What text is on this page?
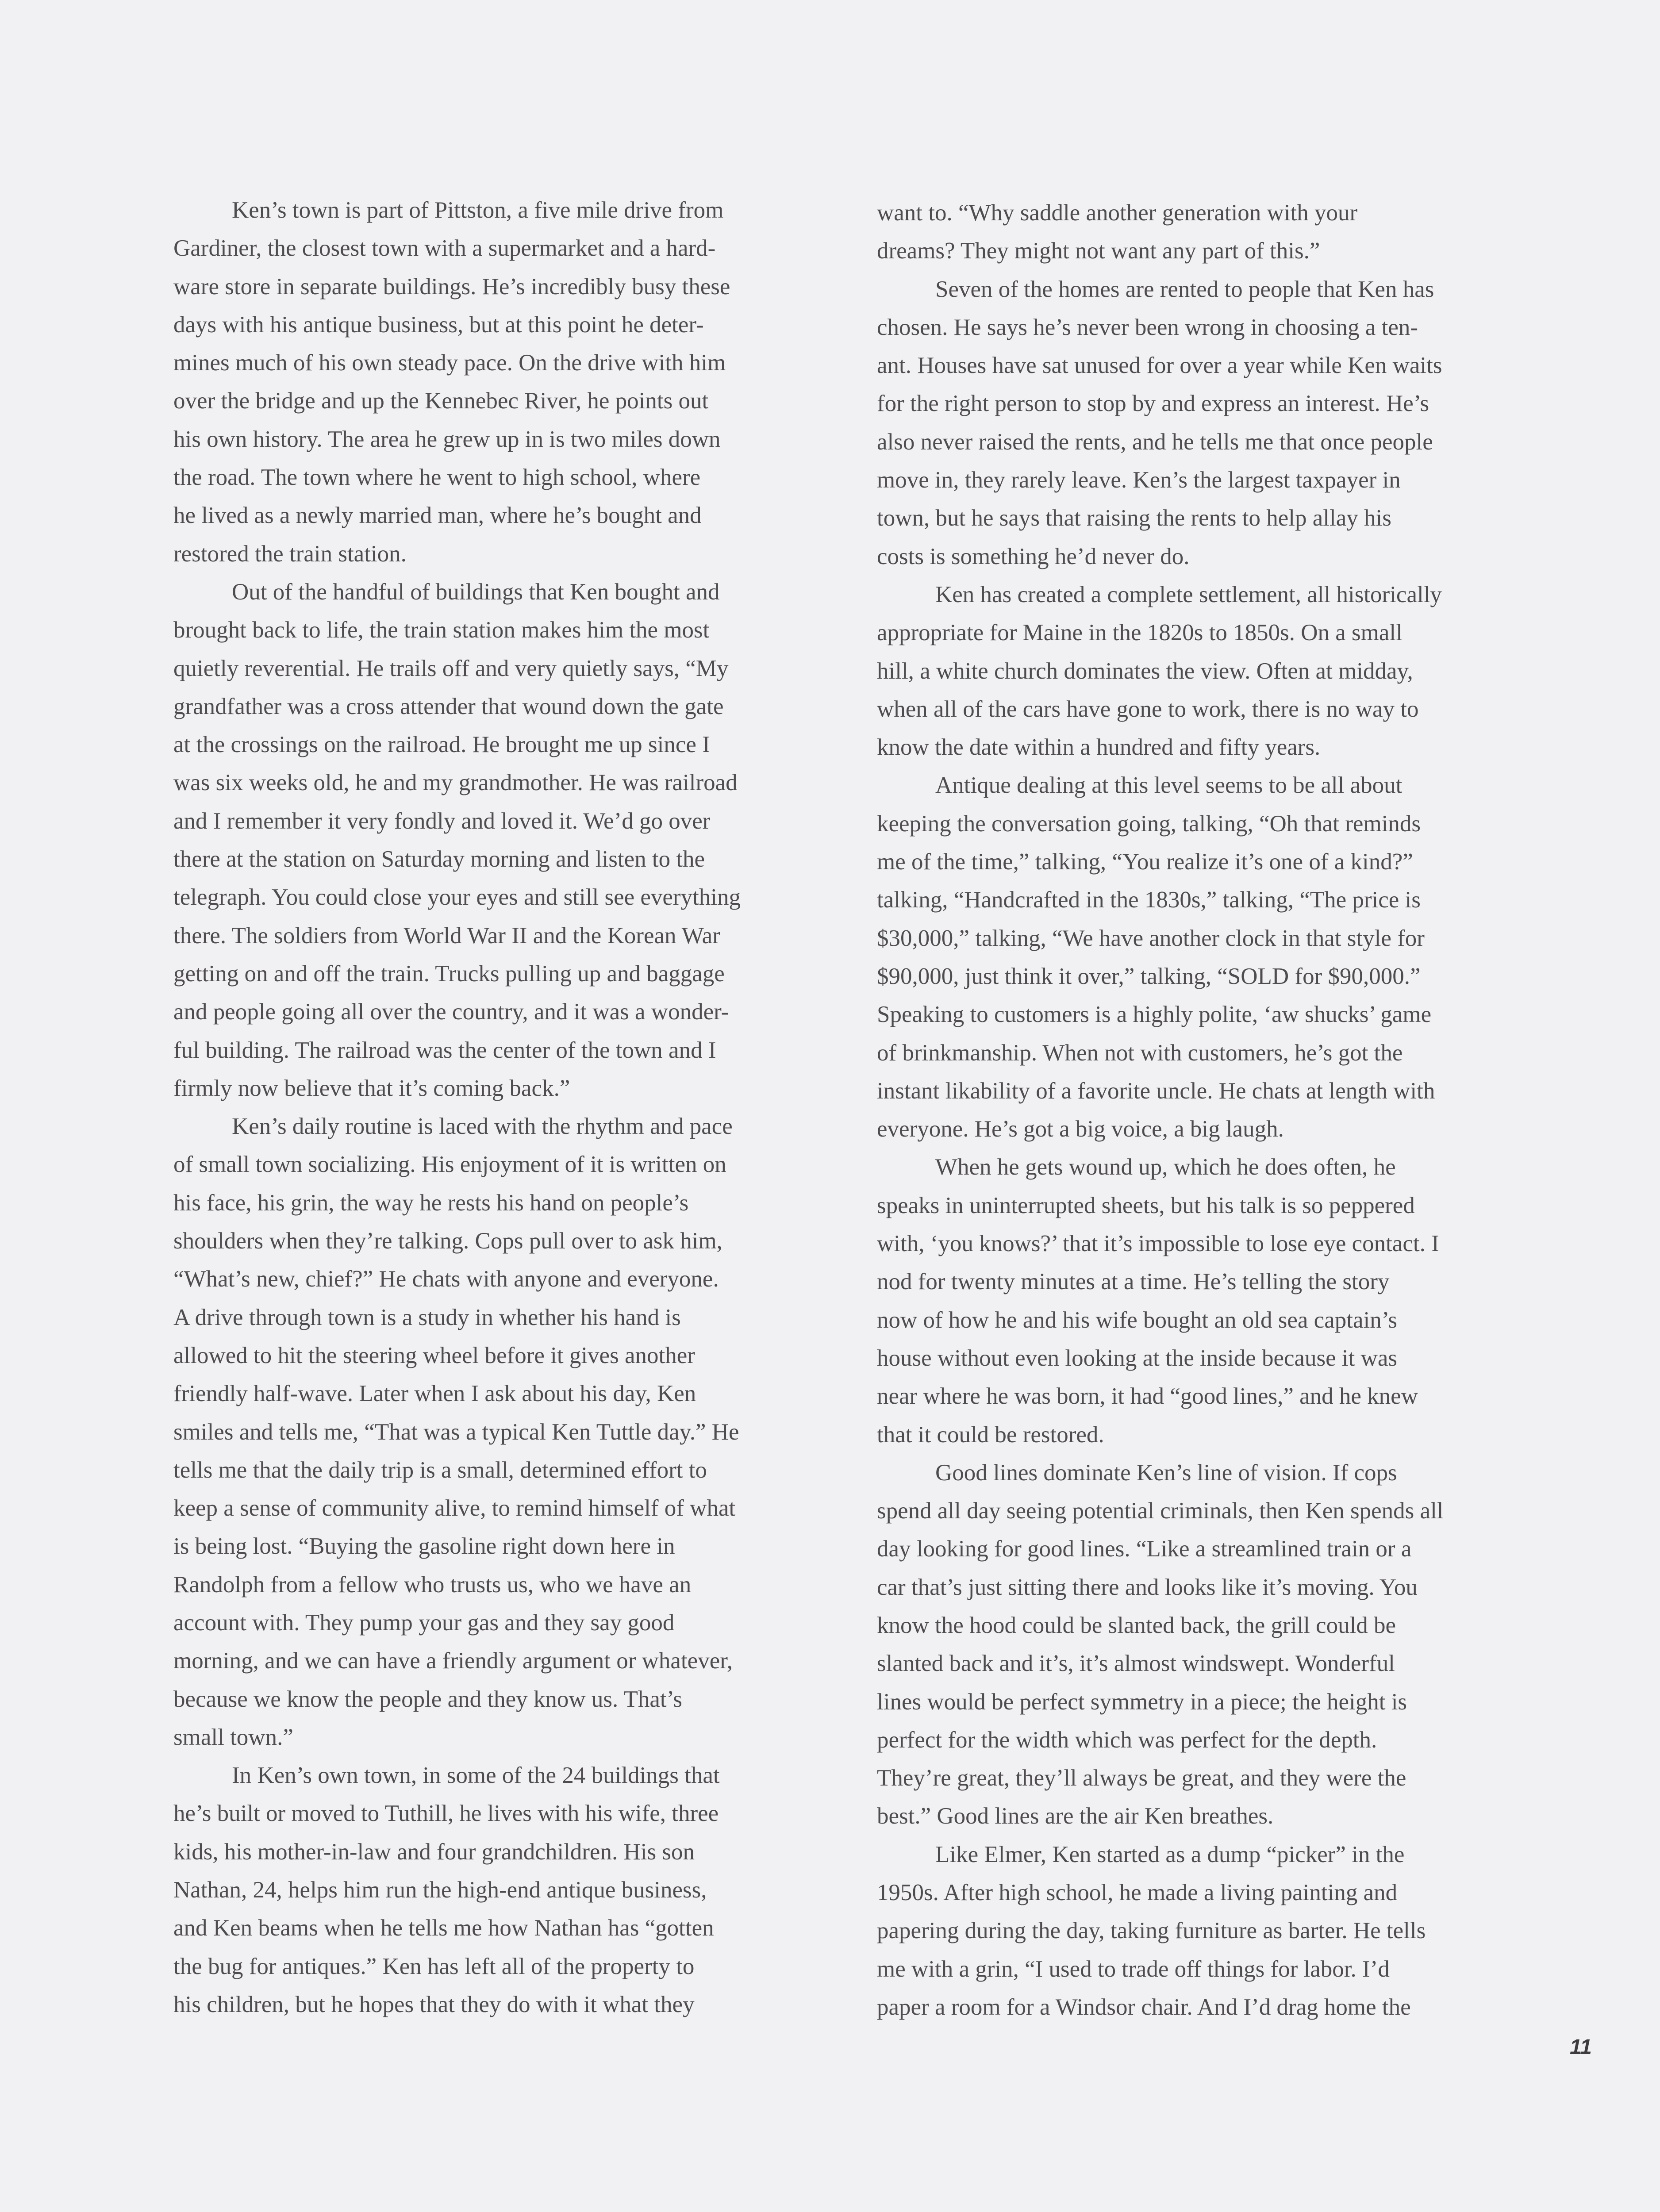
Ken’s town is part of Pittston, a five mile drive from
Gardiner, the closest town with a supermarket and a hard-
ware store in separate buildings. He’s incredibly busy these
days with his antique business, but at this point he deter-
mines much of his own steady pace. On the drive with him
over the bridge and up the Kennebec River, he points out
his own history. The area he grew up in is two miles down
the road. The town where he went to high school, where
he lived as a newly married man, where he’s bought and
restored the train station.

Out of the handful of buildings that Ken bought and
brought back to life, the train station makes him the most
quietly reverential. He trails off and very quietly says, “My
grandfather was a cross attender that wound down the gate
at the crossings on the railroad. He brought me up since I
was six weeks old, he and my grandmother. He was railroad
and I remember it very fondly and loved it. We’d go over
there at the station on Saturday morning and listen to the
telegraph. You could close your eyes and still see everything
there. The soldiers from World War II and the Korean War
getting on and off the train. Trucks pulling up and baggage
and people going all over the country, and it was a wonder-
ful building. The railroad was the center of the town and I
firmly now believe that it’s coming back.”

Ken’s daily routine is laced with the rhythm and pace
of small town socializing. His enjoyment of it is written on
his face, his grin, the way he rests his hand on people’s
shoulders when they’re talking. Cops pull over to ask him,
“What’s new, chief?” He chats with anyone and everyone.
A drive through town is a study in whether his hand is
allowed to hit the steering wheel before it gives another
friendly half-wave. Later when I ask about his day, Ken
smiles and tells me, “That was a typical Ken Tuttle day.” He
tells me that the daily trip is a small, determined effort to
keep a sense of community alive, to remind himself of what
is being lost. “Buying the gasoline right down here in
Randolph from a fellow who trusts us, who we have an
account with. They pump your gas and they say good
morning, and we can have a friendly argument or whatever,
because we know the people and they know us. That’s
small town.”

In Ken’s own town, in some of the 24 buildings that
he’s built or moved to Tuthill, he lives with his wife, three
kids, his mother-in-law and four grandchildren. His son
Nathan, 24, helps him run the high-end antique business,
and Ken beams when he tells me how Nathan has “gotten
the bug for antiques.” Ken has left all of the property to
his children, but he hopes that they do with it what they

want to. “Why saddle another generation with your
dreams? They might not want any part of this.”

Seven of the homes are rented to people that Ken has
chosen. He says he’s never been wrong in choosing a ten-
ant. Houses have sat unused for over a year while Ken waits
for the right person to stop by and express an interest. He’s
also never raised the rents, and he tells me that once people
move in, they rarely leave. Ken’s the largest taxpayer in
town, but he says that raising the rents to help allay his
costs is something he’d never do.

Ken has created a complete settlement, all historically
appropriate for Maine in the 1820s to 1850s. On a small
hill, a white church dominates the view. Often at midday,
when all of the cars have gone to work, there is no way to
know the date within a hundred and fifty years.

Antique dealing at this level seems to be all about
keeping the conversation going, talking, “Oh that reminds
me of the time,” talking, “You realize it’s one of a kind?”
talking, “Handcrafted in the 1830s,” talking, “The price is
$30,000,” talking, “We have another clock in that style for
$90,000, just think it over,” talking, “SOLD for $90,000.”
Speaking to customers is a highly polite, ‘aw shucks’ game
of brinkmanship. When not with customers, he’s got the
instant likability of a favorite uncle. He chats at length with
everyone. He’s got a big voice, a big laugh.

When he gets wound up, which he does often, he
speaks in uninterrupted sheets, but his talk is so peppered
with, ‘you knows?’ that it’s impossible to lose eye contact. I
nod for twenty minutes at a time. He’s telling the story
now of how he and his wife bought an old sea captain’s
house without even looking at the inside because it was
near where he was born, it had “good lines,” and he knew
that it could be restored.

Good lines dominate Ken’s line of vision. If cops
spend all day seeing potential criminals, then Ken spends all
day looking for good lines. “Like a streamlined train or a
car that’s just sitting there and looks like it’s moving. You
know the hood could be slanted back, the grill could be
slanted back and it’s, it’s almost windswept. Wonderful
lines would be perfect symmetry in a piece; the height is
perfect for the width which was perfect for the depth.
They’re great, they’ll always be great, and they were the
best.” Good lines are the air Ken breathes.

Like Elmer, Ken started as a dump “picker” in the
1950s. After high school, he made a living painting and
papering during the day, taking furniture as barter. He tells
me with a grin, “I used to trade off things for labor. I’d
paper a room for a Windsor chair. And I’d drag home the

11
